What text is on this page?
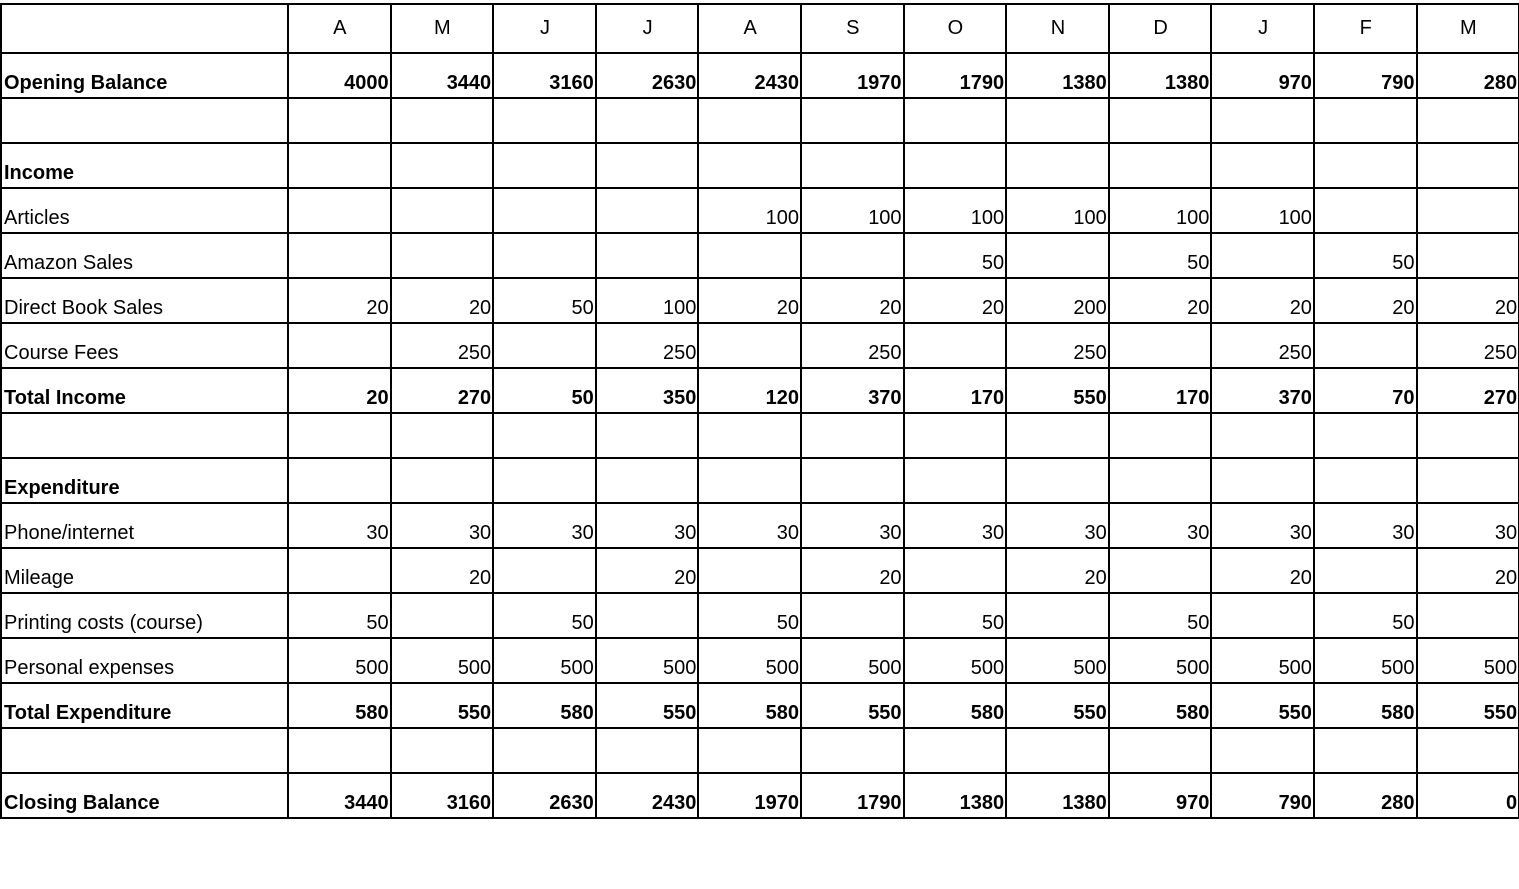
	A	M	J	J	A	S	O	N	D	J	F	M
Opening Balance	4000	3440	3160	2630	2430	1970	1790	1380	1380	970	790	280

Income												
Articles					100	100	100	100	100	100		
Amazon Sales							50		50		50	
Direct Book Sales	20	20	50	100	20	20	20	200	20	20	20	20
Course Fees		250		250		250		250		250		250
Total Income	20	270	50	350	120	370	170	550	170	370	70	270

Expenditure												
Phone/internet	30	30	30	30	30	30	30	30	30	30	30	30
Mileage		20		20		20		20		20		20
Printing costs (course)	50		50		50		50		50		50	
Personal expenses	500	500	500	500	500	500	500	500	500	500	500	500
Total Expenditure	580	550	580	550	580	550	580	550	580	550	580	550

Closing Balance	3440	3160	2630	2430	1970	1790	1380	1380	970	790	280	0
